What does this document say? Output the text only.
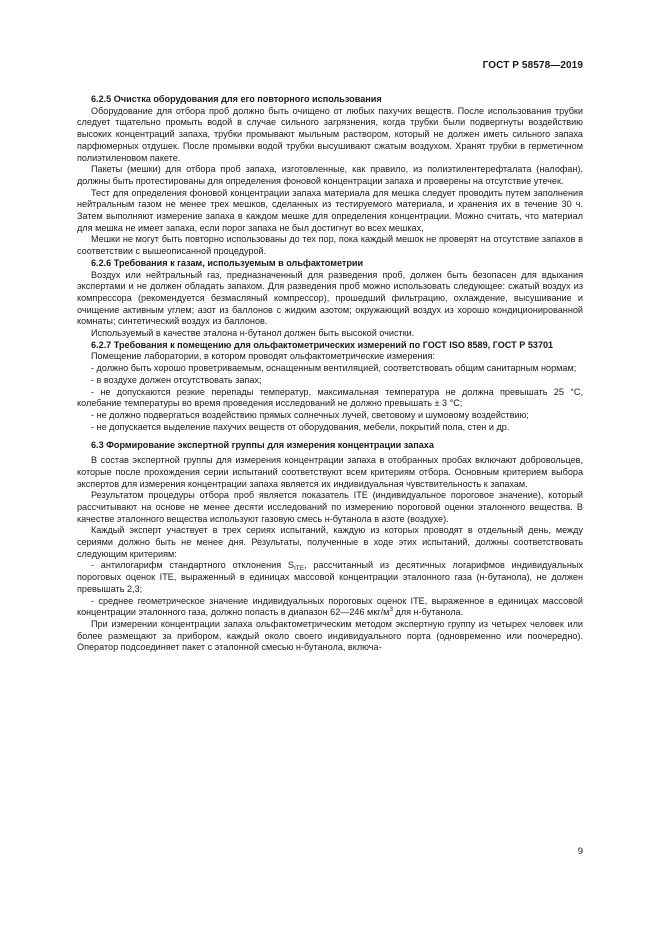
ГОСТ Р 58578—2019

6.2.5 Очистка оборудования для его повторного использования

Оборудование для отбора проб должно быть очищено от любых пахучих веществ. После использования трубки следует тщательно промыть водой в случае сильного загрязнения, когда трубки были подвергнуты воздействию высоких концентраций запаха, трубки промывают мыльным раствором, который не должен иметь сильного запаха парфюмерных отдушек. После промывки водой трубки высушивают сжатым воздухом. Хранят трубки в герметичном полиэтиленовом пакете.

Пакеты (мешки) для отбора проб запаха, изготовленные, как правило, из полиэтилентерефталата (налофан), должны быть протестированы для определения фоновой концентрации запаха и проверены на отсутствие утечек.

Тест для определения фоновой концентрации запаха материала для мешка следует проводить путем заполнения нейтральным газом не менее трех мешков, сделанных из тестируемого материала, и хранения их в течение 30 ч. Затем выполняют измерение запаха в каждом мешке для определения концентрации. Можно считать, что материал для мешка не имеет запаха, если порог запаха не был достигнут во всех мешках,

Мешки не могут быть повторно использованы до тех пор, пока каждый мешок не проверят на отсутствие запахов в соответствии с вышеописанной процедурой.

6.2.6 Требования к газам, используемым в ольфактометрии

Воздух или нейтральный газ, предназначенный для разведения проб, должен быть безопасен для вдыхания экспертами и не должен обладать запахом. Для разведения проб можно использовать следующее: сжатый воздух из компрессора (рекомендуется безмасляный компрессор), прошедший фильтрацию, охлаждение, высушивание и очищение активным углем; азот из баллонов с жидким азотом; окружающий воздух из хорошо кондиционированной комнаты; синтетический воздух из баллонов.

Используемый в качестве эталона н-бутанол должен быть высокой очистки.

6.2.7 Требования к помещению для ольфактометрических измерений по ГОСТ ISO 8589, ГОСТ Р 53701

Помещение лаборатории, в котором проводят ольфактометрические измерения:

- должно быть хорошо проветриваемым, оснащенным вентиляцией, соответствовать общим санитарным нормам;

- в воздухе должен отсутствовать запах;

- не допускаются резкие перепады температур, максимальная температура не должна превышать 25 °С, колебание температуры во время проведения исследований не должно превышать ± 3 °С;

- не должно подвергаться воздействию прямых солнечных лучей, световому и шумовому воздействию;

- не допускается выделение пахучих веществ от оборудования, мебели, покрытий пола, стен и др.

6.3 Формирование экспертной группы для измерения концентрации запаха

В состав экспертной группы для измерения концентрации запаха в отобранных пробах включают добровольцев, которые после прохождения серии испытаний соответствуют всем критериям отбора. Основным критерием выбора экспертов для измерения концентрации запаха является их индивидуальная чувствительность к запахам.

Результатом процедуры отбора проб является показатель ITE (индивидуальное пороговое значение), который рассчитывают на основе не менее десяти исследований по измерению пороговой оценки эталонного вещества. В качестве эталонного вещества используют газовую смесь н-бутанола в азоте (воздухе).

Каждый эксперт участвует в трех сериях испытаний, каждую из которых проводят в отдельный день, между сериями должно быть не менее дня. Результаты, полученные в ходе этих испытаний, должны соответствовать следующим критериям:

- антилогарифм стандартного отклонения $S_{ITE}$, рассчитанный из десятичных логарифмов индивидуальных пороговых оценок ITE, выраженный в единицах массовой концентрации эталонного газа (н-бутанола), не должен превышать 2,3;

- среднее геометрическое значение индивидуальных пороговых оценок ITE, выраженное в единицах массовой концентрации эталонного газа, должно попасть в диапазон 62—246 мкг/$м^3$ для н-бутанола.

При измерении концентрации запаха ольфактометрическим методом экспертную группу из четырех человек или более размещают за прибором, каждый около своего индивидуального порта (одновременно или поочередно). Оператор подсоединяет пакет с эталонной смесью н-бутанола, включа-

9
